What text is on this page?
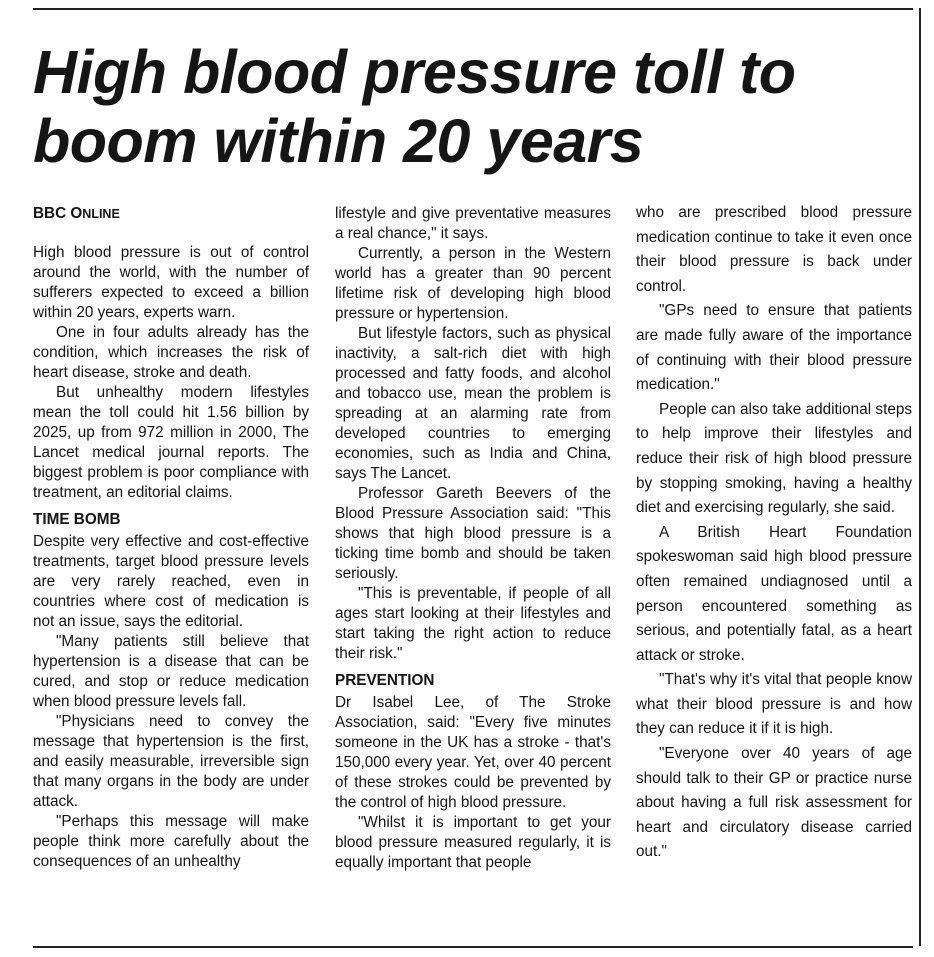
High blood pressure toll to boom within 20 years

BBC ONLINE

High blood pressure is out of control around the world, with the number of sufferers expected to exceed a billion within 20 years, experts warn.

One in four adults already has the condition, which increases the risk of heart disease, stroke and death.

But unhealthy modern lifestyles mean the toll could hit 1.56 billion by 2025, up from 972 million in 2000, The Lancet medical journal reports. The biggest problem is poor compliance with treatment, an editorial claims.

TIME BOMB

Despite very effective and cost-effective treatments, target blood pressure levels are very rarely reached, even in countries where cost of medication is not an issue, says the editorial.

"Many patients still believe that hypertension is a disease that can be cured, and stop or reduce medication when blood pressure levels fall.

"Physicians need to convey the message that hypertension is the first, and easily measurable, irreversible sign that many organs in the body are under attack.

"Perhaps this message will make people think more carefully about the consequences of an unhealthy

lifestyle and give preventative measures a real chance," it says.

Currently, a person in the Western world has a greater than 90 percent lifetime risk of developing high blood pressure or hypertension.

But lifestyle factors, such as physical inactivity, a salt-rich diet with high processed and fatty foods, and alcohol and tobacco use, mean the problem is spreading at an alarming rate from developed countries to emerging economies, such as India and China, says The Lancet.

Professor Gareth Beevers of the Blood Pressure Association said: "This shows that high blood pressure is a ticking time bomb and should be taken seriously.

"This is preventable, if people of all ages start looking at their lifestyles and start taking the right action to reduce their risk."

PREVENTION

Dr Isabel Lee, of The Stroke Association, said: "Every five minutes someone in the UK has a stroke - that's 150,000 every year. Yet, over 40 percent of these strokes could be prevented by the control of high blood pressure.

"Whilst it is important to get your blood pressure measured regularly, it is equally important that people

who are prescribed blood pressure medication continue to take it even once their blood pressure is back under control.

"GPs need to ensure that patients are made fully aware of the importance of continuing with their blood pressure medication."

People can also take additional steps to help improve their lifestyles and reduce their risk of high blood pressure by stopping smoking, having a healthy diet and exercising regularly, she said.

A British Heart Foundation spokeswoman said high blood pressure often remained undiagnosed until a person encountered something as serious, and potentially fatal, as a heart attack or stroke.

"That's why it's vital that people know what their blood pressure is and how they can reduce it if it is high.

"Everyone over 40 years of age should talk to their GP or practice nurse about having a full risk assessment for heart and circulatory disease carried out."
